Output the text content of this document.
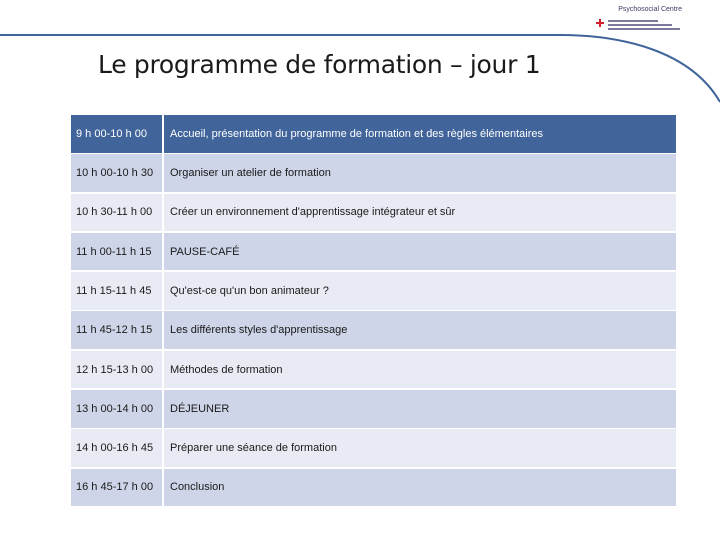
Psychosocial Centre
Le programme de formation – jour 1
9 h 00-10 h 00	Accueil, présentation du programme de formation et des règles élémentaires
10 h 00-10 h 30	Organiser un atelier de formation
10 h 30-11 h 00	Créer un environnement d'apprentissage intégrateur et sûr
11 h 00-11 h 15	PAUSE-CAFÉ
11 h 15-11 h 45	Qu'est-ce qu'un bon animateur ?
11 h 45-12 h 15	Les différents styles d'apprentissage
12 h 15-13 h 00	Méthodes de formation
13 h 00-14 h 00	DÉJEUNER
14 h 00-16 h 45	Préparer une séance de formation
16 h 45-17 h 00	Conclusion
